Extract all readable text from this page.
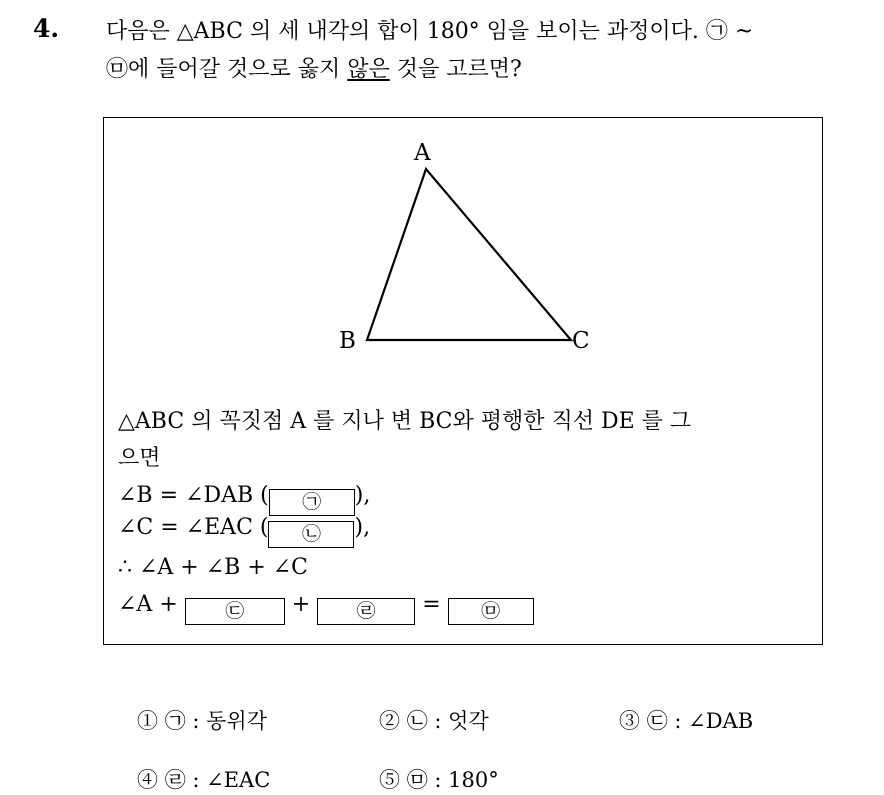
4. 다음은 △ABC 의 세 내각의 합이 180° 임을 보이는 과정이다. ㉠ ~
㉤에 들어갈 것으로 옳지 않은 것을 고르면?
A
B	C
△ABC 의 꼭짓점 A 를 지나 변 BC와 평행한 직선 DE 를 그
으면
∠B = ∠DAB ( ㉠ ),
∠C = ∠EAC ( ㉡ ),
∴ ∠A + ∠B + ∠C
∠A + ㉢ + ㉣ = ㉤
① ㉠ : 동위각	② ㉡ : 엇각	③ ㉢ : ∠DAB
④ ㉣ : ∠EAC	⑤ ㉤ : 180°
